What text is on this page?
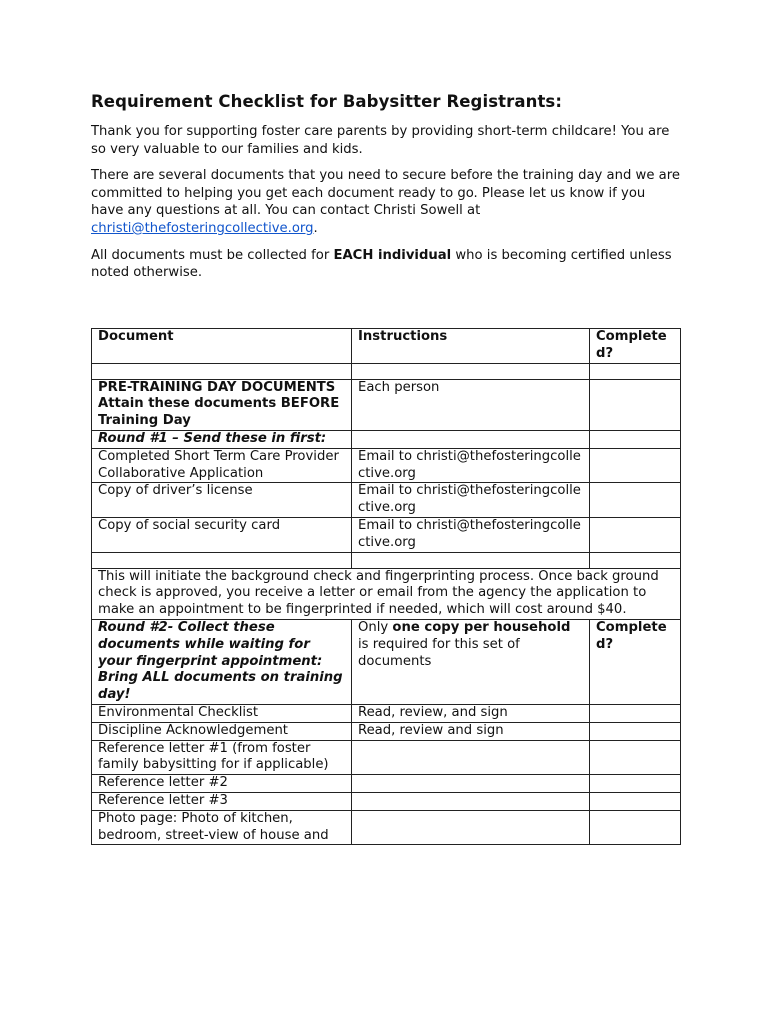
Requirement Checklist for Babysitter Registrants:

Thank you for supporting foster care parents by providing short-term childcare! You are so very valuable to our families and kids.

There are several documents that you need to secure before the training day and we are committed to helping you get each document ready to go. Please let us know if you have any questions at all. You can contact Christi Sowell at christi@thefosteringcollective.org.

All documents must be collected for EACH individual who is becoming certified unless noted otherwise.

Document	Instructions	Complete d?

PRE-TRAINING DAY DOCUMENTS
Attain these documents BEFORE Training Day	Each person	
Round #1 – Send these in first:		
Completed Short Term Care Provider Collaborative Application	Email to christi@thefosteringcollective.org	
Copy of driver’s license	Email to christi@thefosteringcollective.org	
Copy of social security card	Email to christi@thefosteringcollective.org	

This will initiate the background check and fingerprinting process. Once back ground check is approved, you receive a letter or email from the agency the application to make an appointment to be fingerprinted if needed, which will cost around $40.		
Round #2- Collect these documents while waiting for your fingerprint appointment: Bring ALL documents on training day!	Only one copy per household is required for this set of documents	Complete d?
Environmental Checklist	Read, review, and sign	
Discipline Acknowledgement	Read, review and sign	
Reference letter #1 (from foster family babysitting for if applicable)		
Reference letter #2		
Reference letter #3		
Photo page: Photo of kitchen, bedroom, street-view of house and		
